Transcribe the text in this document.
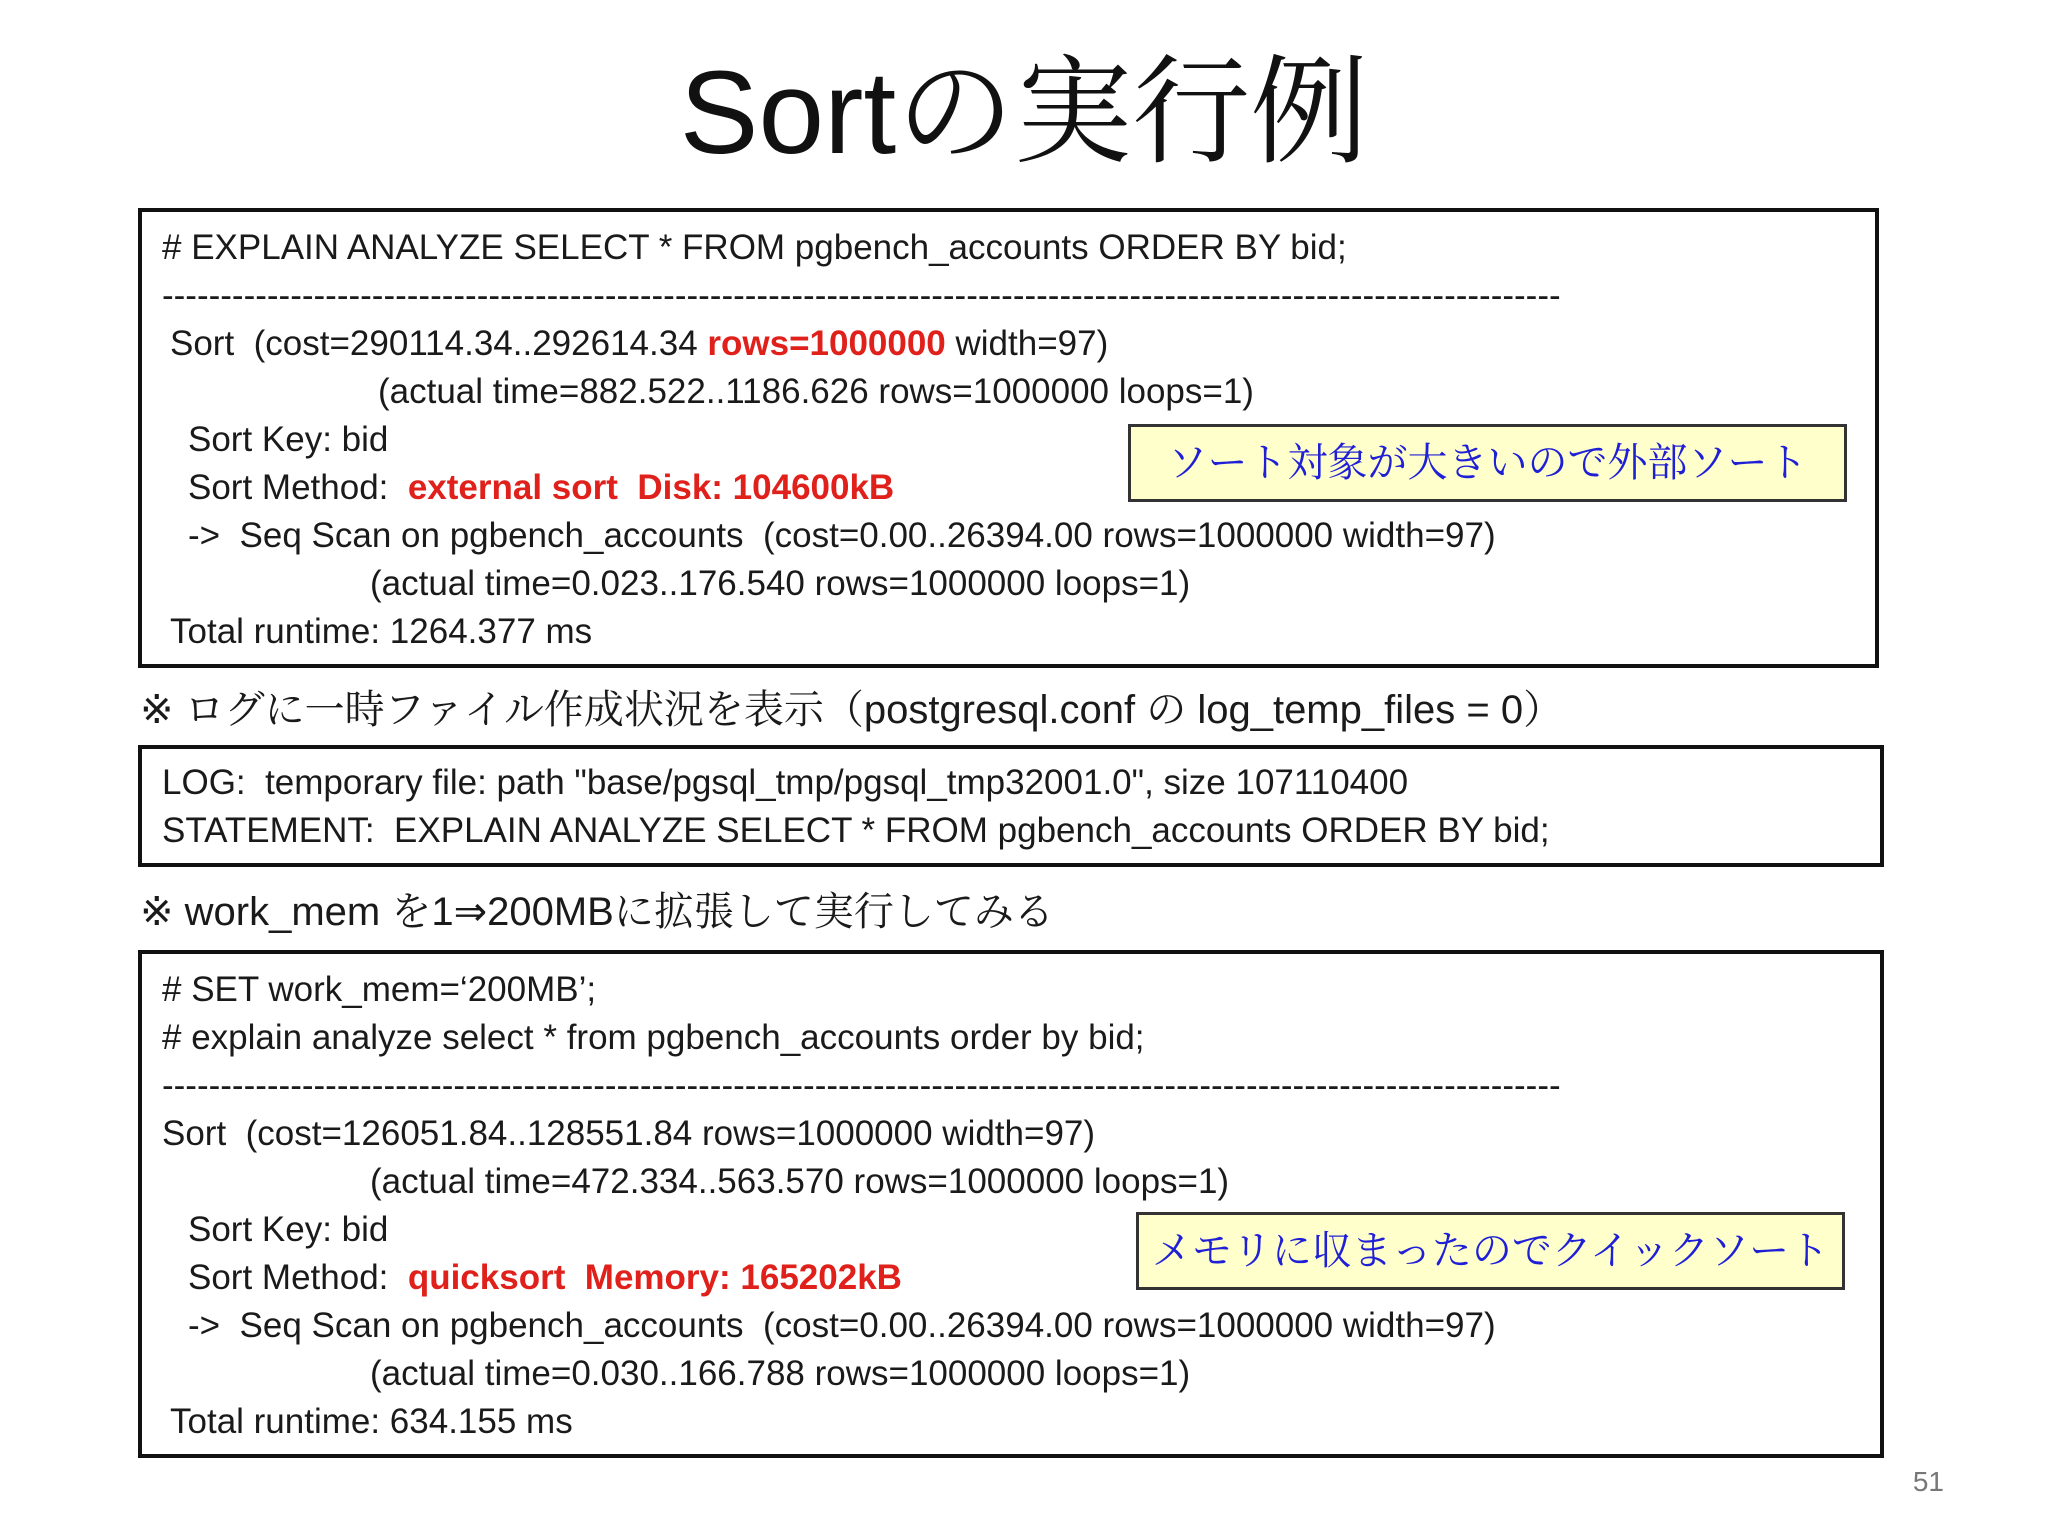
Sortの実行例
# EXPLAIN ANALYZE SELECT * FROM pgbench_accounts ORDER BY bid;
------------------------------------------------------------------------------------------------------------------------
Sort  (cost=290114.34..292614.34 rows=1000000 width=97)
(actual time=882.522..1186.626 rows=1000000 loops=1)
Sort Key: bid
Sort Method:  external sort  Disk: 104600kB
->  Seq Scan on pgbench_accounts  (cost=0.00..26394.00 rows=1000000 width=97)
(actual time=0.023..176.540 rows=1000000 loops=1)
Total runtime: 1264.377 ms
ソート対象が大きいので外部ソート
※ ログに一時ファイル作成状況を表示（postgresql.conf の log_temp_files = 0）
LOG:  temporary file: path "base/pgsql_tmp/pgsql_tmp32001.0", size 107110400
STATEMENT:  EXPLAIN ANALYZE SELECT * FROM pgbench_accounts ORDER BY bid;
※ work_mem を1⇒200MBに拡張して実行してみる
# SET work_mem=‘200MB’;
# explain analyze select * from pgbench_accounts order by bid;
------------------------------------------------------------------------------------------------------------------------
Sort  (cost=126051.84..128551.84 rows=1000000 width=97)
(actual time=472.334..563.570 rows=1000000 loops=1)
Sort Key: bid
Sort Method:  quicksort  Memory: 165202kB
->  Seq Scan on pgbench_accounts  (cost=0.00..26394.00 rows=1000000 width=97)
(actual time=0.030..166.788 rows=1000000 loops=1)
Total runtime: 634.155 ms
メモリに収まったのでクイックソート
51
